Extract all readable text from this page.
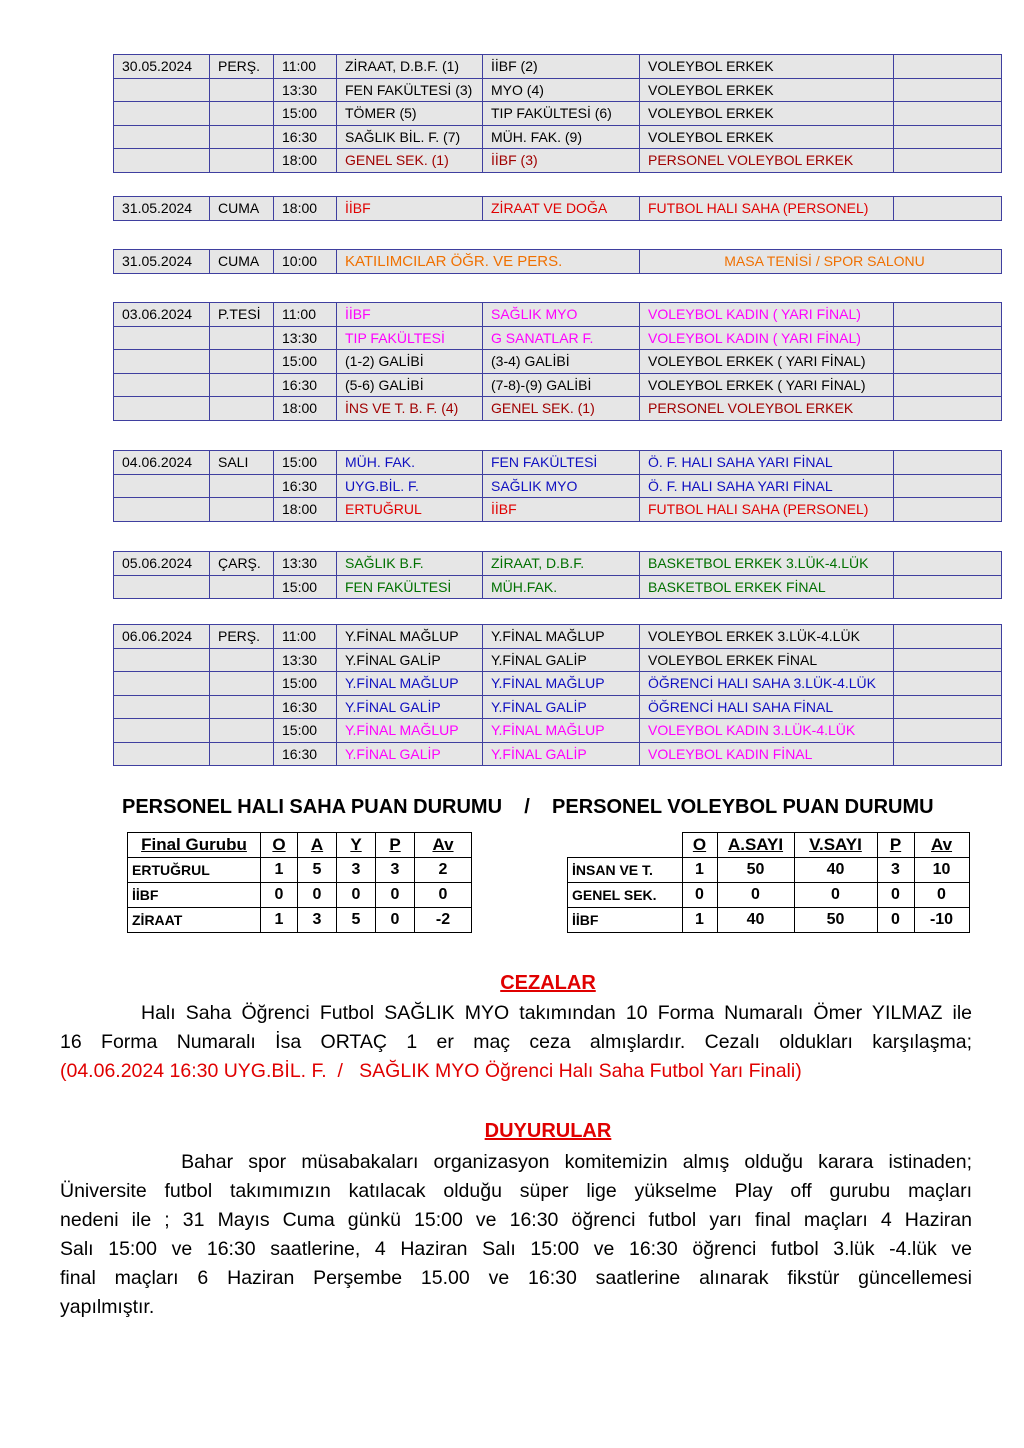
30.05.2024	PERŞ.	11:00	ZİRAAT, D.B.F. (1)	İİBF (2)	VOLEYBOL ERKEK	
		13:30	FEN FAKÜLTESİ (3)	MYO (4)	VOLEYBOL ERKEK	
		15:00	TÖMER (5)	TIP FAKÜLTESİ (6)	VOLEYBOL ERKEK	
		16:30	SAĞLIK BİL. F. (7)	MÜH. FAK. (9)	VOLEYBOL ERKEK	
		18:00	GENEL SEK. (1)	İİBF (3)	PERSONEL VOLEYBOL ERKEK	
31.05.2024	CUMA	18:00	İİBF	ZİRAAT VE DOĞA	FUTBOL HALI SAHA (PERSONEL)	
31.05.2024	CUMA	10:00	KATILIMCILAR ÖĞR. VE PERS.	MASA TENİSİ / SPOR SALONU
03.06.2024	P.TESİ	11:00	İİBF	SAĞLIK MYO	VOLEYBOL KADIN ( YARI FİNAL)	
		13:30	TIP FAKÜLTESİ	G SANATLAR F.	VOLEYBOL KADIN ( YARI FİNAL)	
		15:00	(1-2) GALİBİ	(3-4) GALİBİ	VOLEYBOL ERKEK ( YARI FİNAL)	
		16:30	(5-6) GALİBİ	(7-8)-(9) GALİBİ	VOLEYBOL ERKEK ( YARI FİNAL)	
		18:00	İNS VE T. B. F. (4)	GENEL SEK. (1)	PERSONEL VOLEYBOL ERKEK	
04.06.2024	SALI	15:00	MÜH. FAK.	FEN FAKÜLTESİ	Ö. F. HALI SAHA YARI FİNAL	
		16:30	UYG.BİL. F.	SAĞLIK MYO	Ö. F. HALI SAHA YARI FİNAL	
		18:00	ERTUĞRUL	İİBF	FUTBOL HALI SAHA (PERSONEL)	
05.06.2024	ÇARŞ.	13:30	SAĞLIK B.F.	ZİRAAT, D.B.F.	BASKETBOL ERKEK 3.LÜK-4.LÜK	
		15:00	FEN FAKÜLTESİ	MÜH.FAK.	BASKETBOL ERKEK FİNAL	
06.06.2024	PERŞ.	11:00	Y.FİNAL MAĞLUP	Y.FİNAL MAĞLUP	VOLEYBOL ERKEK 3.LÜK-4.LÜK	
		13:30	Y.FİNAL GALİP	Y.FİNAL GALİP	VOLEYBOL ERKEK FİNAL	
		15:00	Y.FİNAL MAĞLUP	Y.FİNAL MAĞLUP	ÖĞRENCİ HALI SAHA 3.LÜK-4.LÜK	
		16:30	Y.FİNAL GALİP	Y.FİNAL GALİP	ÖĞRENCİ HALI SAHA FİNAL	
		15:00	Y.FİNAL MAĞLUP	Y.FİNAL MAĞLUP	VOLEYBOL KADIN 3.LÜK-4.LÜK	
		16:30	Y.FİNAL GALİP	Y.FİNAL GALİP	VOLEYBOL KADIN FİNAL	
PERSONEL HALI SAHA PUAN DURUMU    /    PERSONEL VOLEYBOL PUAN DURUMU
Final Gurubu	O	A	Y	P	Av
ERTUĞRUL	1	5	3	3	2
İİBF	0	0	0	0	0
ZİRAAT	1	3	5	0	-2
	O	A.SAYI	V.SAYI	P	Av
İNSAN VE T.	1	50	40	3	10
GENEL SEK.	0	0	0	0	0
İİBF	1	40	50	0	-10
CEZALAR
Halı Saha Öğrenci Futbol SAĞLIK MYO takımından 10 Forma Numaralı Ömer YILMAZ ile
16 Forma Numaralı İsa ORTAÇ 1 er maç ceza almışlardır. Cezalı oldukları karşılaşma;
(04.06.2024 16:30 UYG.BİL. F.  /   SAĞLIK MYO Öğrenci Halı Saha Futbol Yarı Finali)
DUYURULAR
Bahar spor müsabakaları organizasyon komitemizin almış olduğu karara istinaden;
Üniversite futbol takımımızın katılacak olduğu süper lige yükselme Play off gurubu maçları
nedeni ile ; 31 Mayıs Cuma günkü 15:00 ve 16:30 öğrenci futbol yarı final maçları 4 Haziran
Salı 15:00 ve 16:30 saatlerine, 4 Haziran Salı 15:00 ve 16:30 öğrenci futbol 3.lük -4.lük ve
final maçları 6 Haziran Perşembe 15.00 ve 16:30 saatlerine alınarak fikstür güncellemesi
yapılmıştır.
